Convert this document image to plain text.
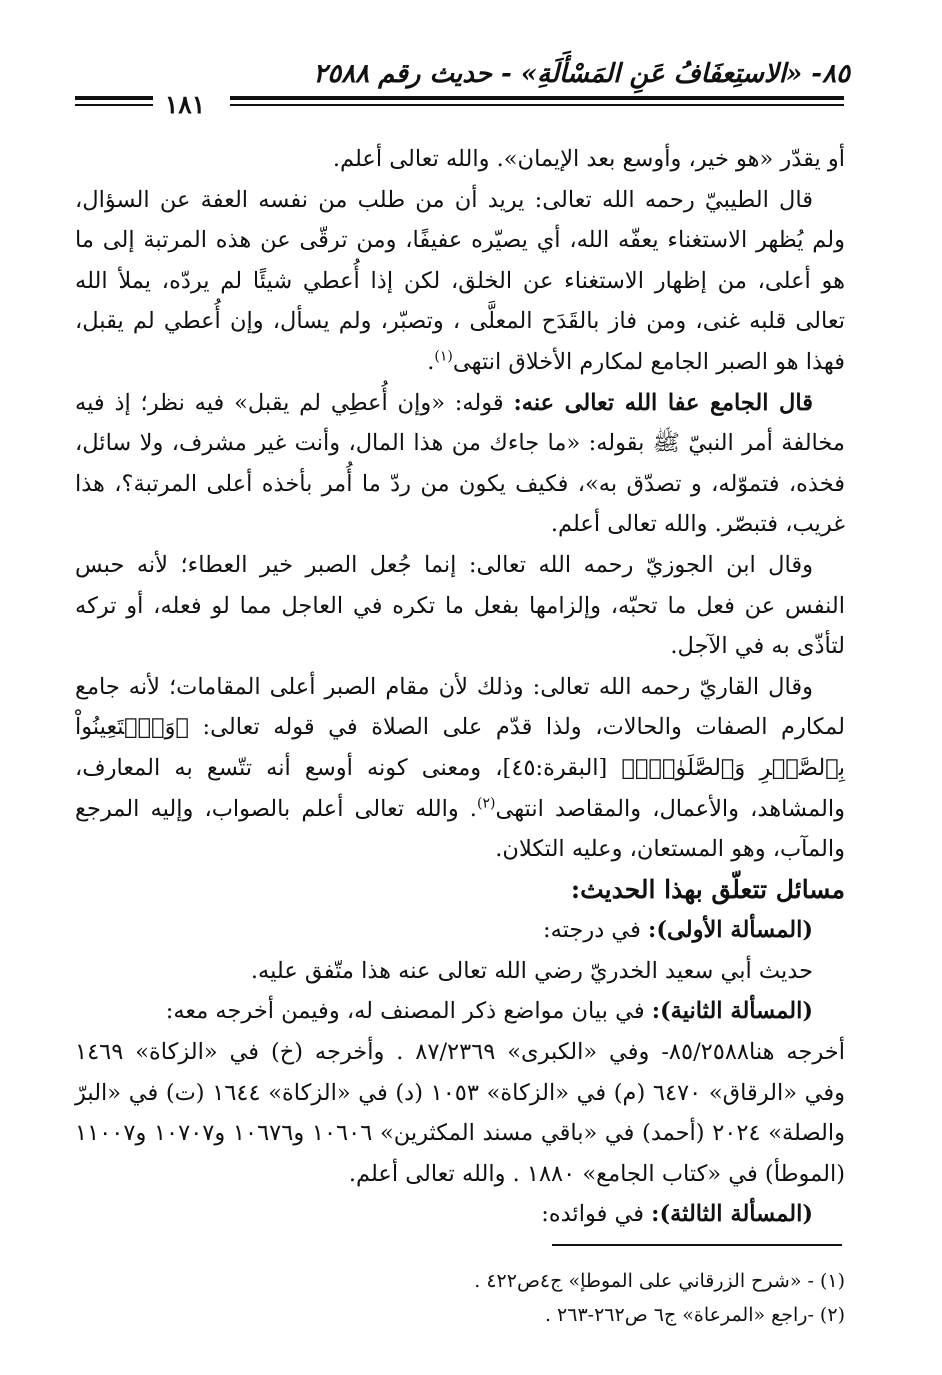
٨٥- «الاستِعفَافُ عَنِ المَسْأَلَةِ» - حديث رقم ٢٥٨٨
١٨١

أو يقدّر «هو خير، وأوسع بعد الإيمان». والله تعالى أعلم.

قال الطيبيّ رحمه الله تعالى: يريد أن من طلب من نفسه العفة عن السؤال، ولم يُظهر الاستغناء يعفّه الله، أي يصيّره عفيفًا، ومن ترقّى عن هذه المرتبة إلى ما هو أعلى، من إظهار الاستغناء عن الخلق، لكن إذا أُعطي شيئًا لم يردّه، يملأ الله تعالى قلبه غنى، ومن فاز بالقَدَح المعلَّى ، وتصبّر، ولم يسأل، وإن أُعطي لم يقبل، فهذا هو الصبر الجامع لمكارم الأخلاق انتهى$^{(١)}$.

قال الجامع عفا الله تعالى عنه: قوله: «وإن أُعطِي لم يقبل» فيه نظر؛ إذ فيه مخالفة أمر النبيّ ﷺ بقوله: «ما جاءك من هذا المال، وأنت غير مشرف، ولا سائل، فخذه، فتموّله، و تصدّق به»، فكيف يكون من ردّ ما أُمر بأخذه أعلى المرتبة؟، هذا غريب، فتبصّر. والله تعالى أعلم.

وقال ابن الجوزيّ رحمه الله تعالى: إنما جُعل الصبر خير العطاء؛ لأنه حبس النفس عن فعل ما تحبّه، وإلزامها بفعل ما تكره في العاجل مما لو فعله، أو تركه لتأذّى به في الآجل.

وقال القاريّ رحمه الله تعالى: وذلك لأن مقام الصبر أعلى المقامات؛ لأنه جامع لمكارم الصفات والحالات، ولذا قدّم على الصلاة في قوله تعالى: ﴿وَٱسۡتَعِينُواْ بِٱلصَّبۡرِ وَٱلصَّلَوٰةِۚ﴾ [البقرة:٤٥]، ومعنى كونه أوسع أنه تتّسع به المعارف، والمشاهد، والأعمال، والمقاصد انتهى$^{(٢)}$. والله تعالى أعلم بالصواب، وإليه المرجع والمآب، وهو المستعان، وعليه التكلان.

مسائل تتعلّق بهذا الحديث:

(المسألة الأولى): في درجته:

حديث أبي سعيد الخدريّ رضي الله تعالى عنه هذا متّفق عليه.

(المسألة الثانية): في بيان مواضع ذكر المصنف له، وفيمن أخرجه معه:

أخرجه هنا٨٥/٢٥٨٨- وفي «الكبرى» ٨٧/٢٣٦٩ . وأخرجه (خ) في «الزكاة» ١٤٦٩ وفي «الرقاق» ٦٤٧٠ (م) في «الزكاة» ١٠٥٣ (د) في «الزكاة» ١٦٤٤ (ت) في «البرّ والصلة» ٢٠٢٤ (أحمد) في «باقي مسند المكثرين» ١٠٦٠٦ و١٠٦٧٦ و١٠٧٠٧ و١١٠٠٧ (الموطأ) في «كتاب الجامع» ١٨٨٠ . والله تعالى أعلم.

(المسألة الثالثة): في فوائده:

(١) - «شرح الزرقاني على الموطإ» ج٤ص٤٢٢ .
(٢) -راجع «المرعاة» ج٦ ص٢٦٢-٢٦٣ .
